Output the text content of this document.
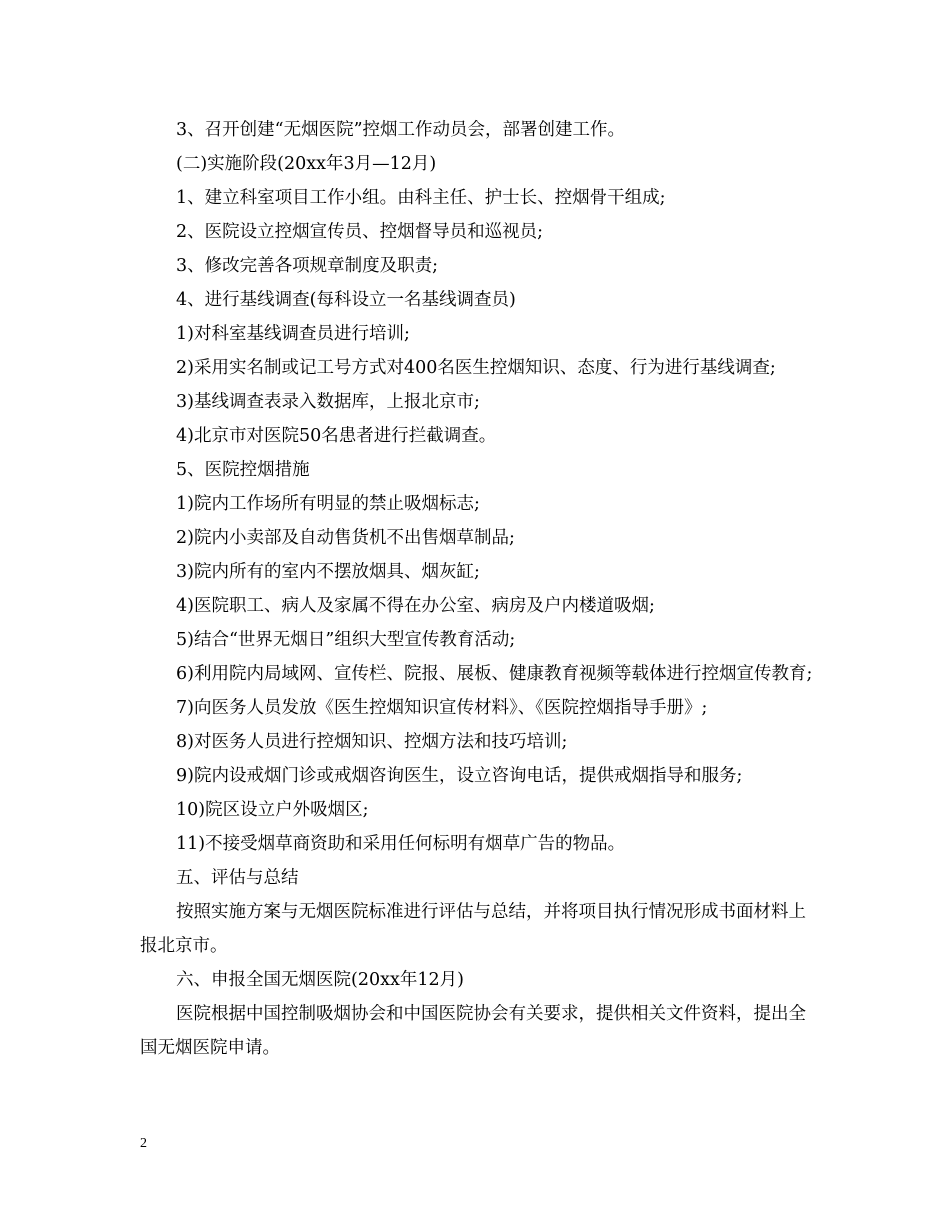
3、召开创建“无烟医院”控烟工作动员会，部署创建工作。

(二)实施阶段(20xx年3月—12月)

1、建立科室项目工作小组。由科主任、护士长、控烟骨干组成;

2、医院设立控烟宣传员、控烟督导员和巡视员;

3、修改完善各项规章制度及职责;

4、进行基线调查(每科设立一名基线调查员)

1)对科室基线调查员进行培训;

2)采用实名制或记工号方式对400名医生控烟知识、态度、行为进行基线调查;

3)基线调查表录入数据库，上报北京市;

4)北京市对医院50名患者进行拦截调查。

5、医院控烟措施

1)院内工作场所有明显的禁止吸烟标志;

2)院内小卖部及自动售货机不出售烟草制品;

3)院内所有的室内不摆放烟具、烟灰缸;

4)医院职工、病人及家属不得在办公室、病房及户内楼道吸烟;

5)结合“世界无烟日”组织大型宣传教育活动;

6)利用院内局域网、宣传栏、院报、展板、健康教育视频等载体进行控烟宣传教育;

7)向医务人员发放《医生控烟知识宣传材料》、《医院控烟指导手册》;

8)对医务人员进行控烟知识、控烟方法和技巧培训;

9)院内设戒烟门诊或戒烟咨询医生，设立咨询电话，提供戒烟指导和服务;

10)院区设立户外吸烟区;

11)不接受烟草商资助和采用任何标明有烟草广告的物品。

五、评估与总结

按照实施方案与无烟医院标准进行评估与总结，并将项目执行情况形成书面材料上报北京市。

六、申报全国无烟医院(20xx年12月)

医院根据中国控制吸烟协会和中国医院协会有关要求，提供相关文件资料，提出全国无烟医院申请。

2
